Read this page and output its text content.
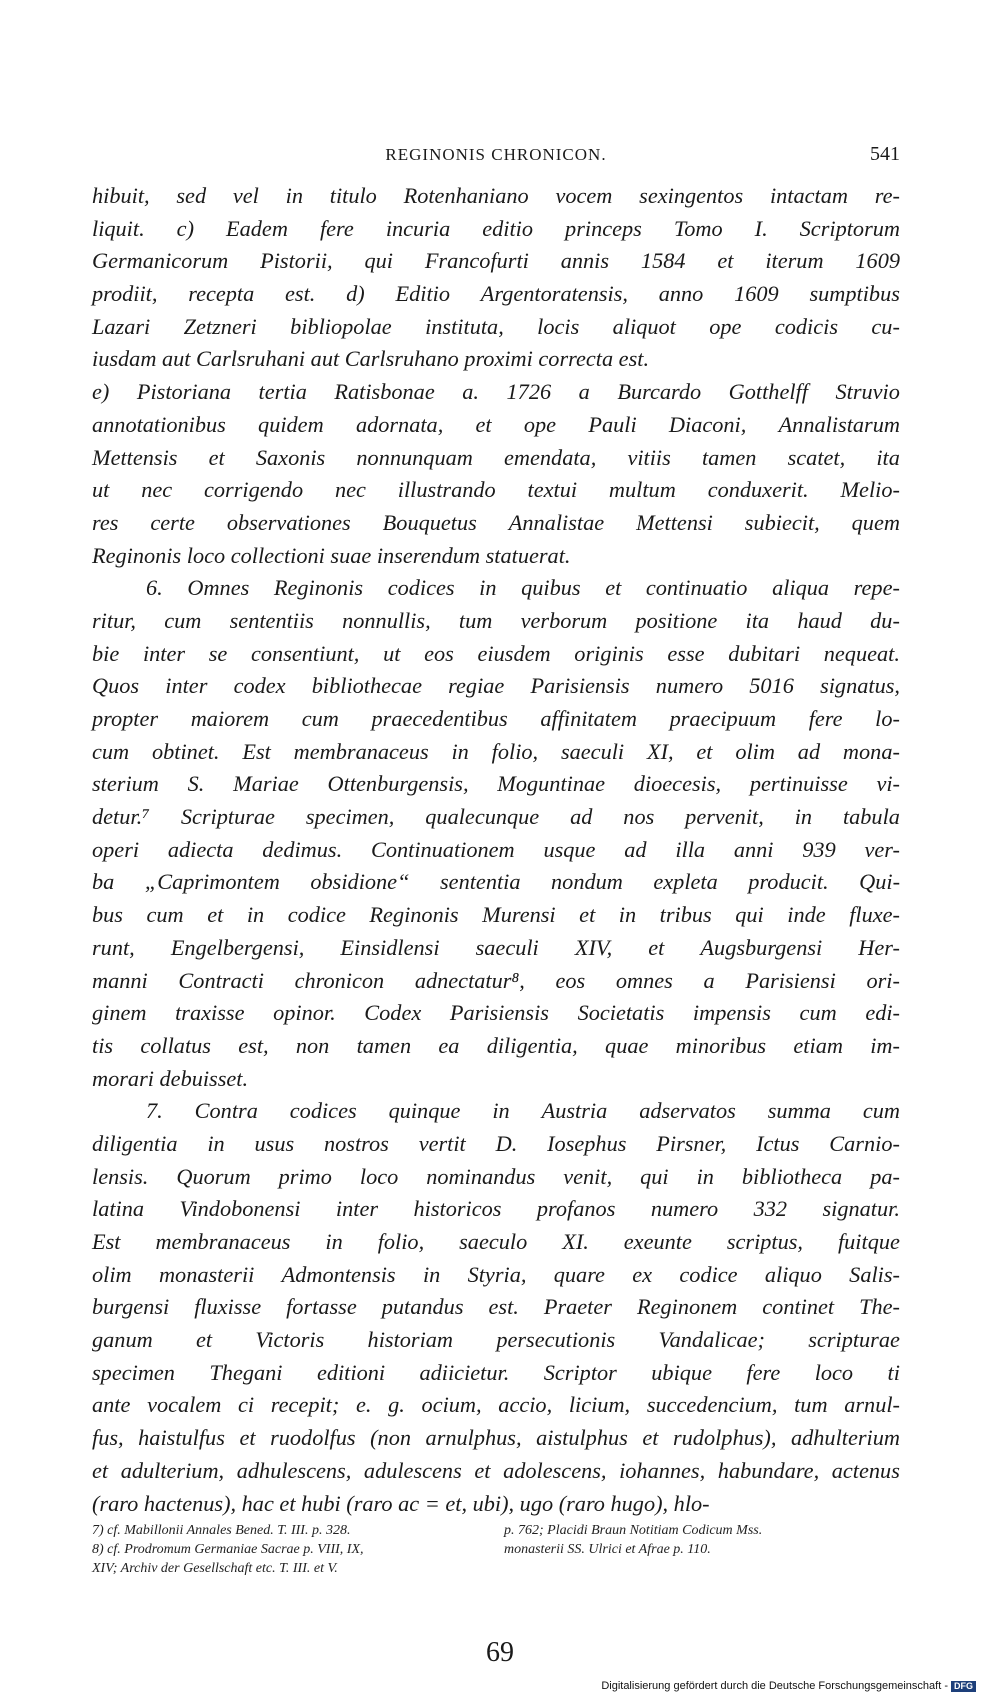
REGINONIS CHRONICON.	541
hibuit, sed vel in titulo Rotenhaniano vocem sexingentos intactam re-
liquit. c) Eadem fere incuria editio princeps Tomo I. Scriptorum
Germanicorum Pistorii, qui Francofurti annis 1584 et iterum 1609
prodiit, recepta est. d) Editio Argentoratensis, anno 1609 sumptibus
Lazari Zetzneri bibliopolae instituta, locis aliquot ope codicis cu-
iusdam aut Carlsruhani aut Carlsruhano proximi correcta est.
e) Pistoriana tertia Ratisbonae a. 1726 a Burcardo Gotthelff Struvio
annotationibus quidem adornata, et ope Pauli Diaconi, Annalistarum
Mettensis et Saxonis nonnunquam emendata, vitiis tamen scatet, ita
ut nec corrigendo nec illustrando textui multum conduxerit. Melio-
res certe observationes Bouquetus Annalistae Mettensi subiecit, quem
Reginonis loco collectioni suae inserendum statuerat.
6. Omnes Reginonis codices in quibus et continuatio aliqua repe-
ritur, cum sententiis nonnullis, tum verborum positione ita haud du-
bie inter se consentiunt, ut eos eiusdem originis esse dubitari nequeat.
Quos inter codex bibliothecae regiae Parisiensis numero 5016 signatus,
propter maiorem cum praecedentibus affinitatem praecipuum fere lo-
cum obtinet. Est membranaceus in folio, saeculi XI, et olim ad mona-
sterium S. Mariae Ottenburgensis, Moguntinae dioecesis, pertinuisse vi-
detur.⁷ Scripturae specimen, qualecunque ad nos pervenit, in tabula
operi adiecta dedimus. Continuationem usque ad illa anni 939 ver-
ba „Caprimontem obsidione“ sententia nondum expleta producit. Qui-
bus cum et in codice Reginonis Murensi et in tribus qui inde fluxe-
runt, Engelbergensi, Einsidlensi saeculi XIV, et Augsburgensi Her-
manni Contracti chronicon adnectatur⁸, eos omnes a Parisiensi ori-
ginem traxisse opinor. Codex Parisiensis Societatis impensis cum edi-
tis collatus est, non tamen ea diligentia, quae minoribus etiam im-
morari debuisset.
7. Contra codices quinque in Austria adservatos summa cum
diligentia in usus nostros vertit D. Iosephus Pirsner, Ictus Carnio-
lensis. Quorum primo loco nominandus venit, qui in bibliotheca pa-
latina Vindobonensi inter historicos profanos numero 332 signatur.
Est membranaceus in folio, saeculo XI. exeunte scriptus, fuitque
olim monasterii Admontensis in Styria, quare ex codice aliquo Salis-
burgensi fluxisse fortasse putandus est. Praeter Reginonem continet The-
ganum et Victoris historiam persecutionis Vandalicae; scripturae
specimen Thegani editioni adiicietur. Scriptor ubique fere loco ti
ante vocalem ci recepit; e. g. ocium, accio, licium, succedencium, tum arnul-
fus, haistulfus et ruodolfus (non arnulphus, aistulphus et rudolphus), adhulterium
et adulterium, adhulescens, adulescens et adolescens, iohannes, habundare, actenus
(raro hactenus), hac et hubi (raro ac = et, ubi), ugo (raro hugo), hlo-
7) cf. Mabillonii Annales Bened. T. III. p. 328.	p. 762; Placidi Braun Notitiam Codicum Mss.
8) cf. Prodromum Germaniae Sacrae p. VIII, IX,	monasterii SS. Ulrici et Afrae p. 110.
XIV; Archiv der Gesellschaft etc. T. III. et V.
69
Digitalisierung gefördert durch die Deutsche Forschungsgemeinschaft - DFG
